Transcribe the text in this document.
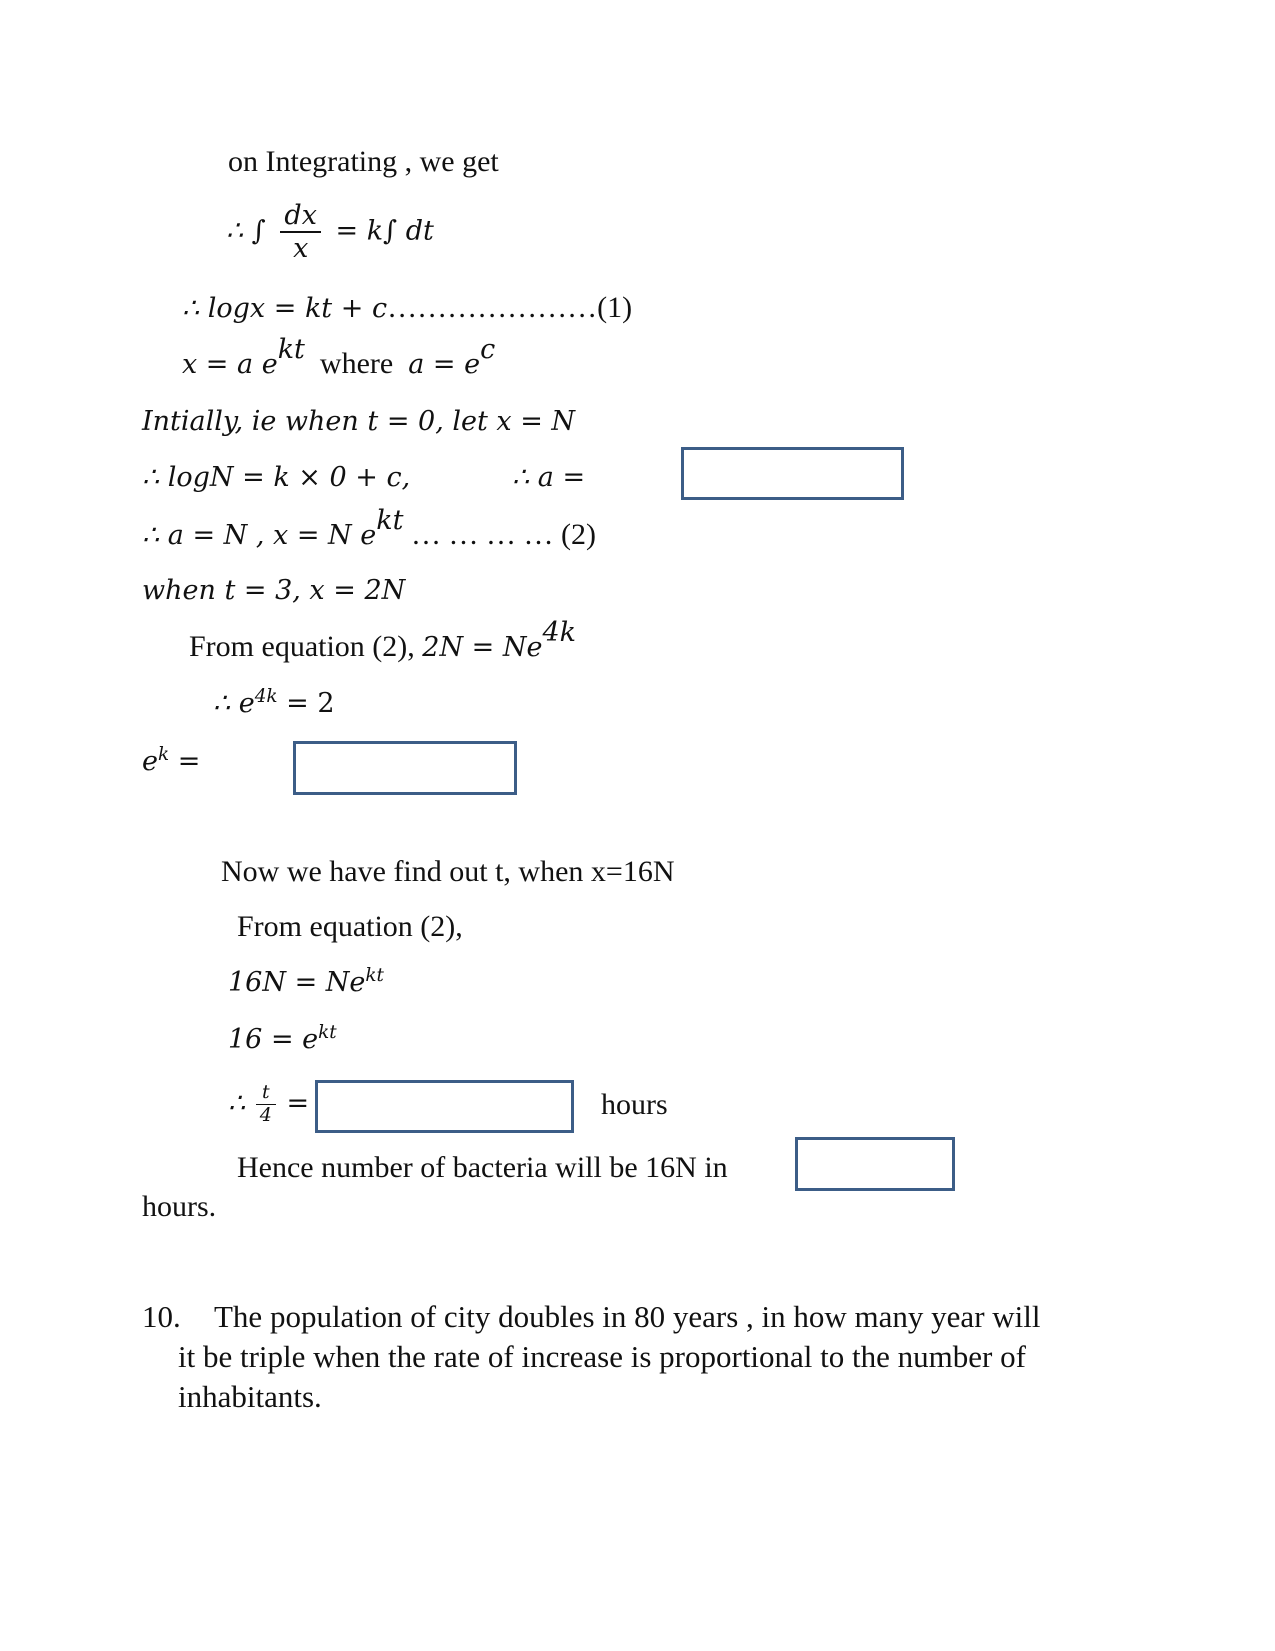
on Integrating , we get
∴ ∫ $\frac{dx}{x} = k\int$ dt
∴ logx = kt + c…………………(1)
x = a $e^{kt}$ where $a = e^c$
Intially, ie when t = 0, let x = N
∴ logN = k × 0 + c,	∴ a =
∴ a = N , x = N $e^{kt}$ … … … … (2)
when t = 3, x = 2N
From equation (2), $2N = Ne^{4k}$
∴ $e^{4k} = 2$
$e^k$ =
Now we have find out t, when x=16N
From equation (2),
$16N = Ne^{kt}$
$16 = e^{kt}$
∴ $\frac{t}{4}$ =	hours
Hence number of bacteria will be 16N in
hours.
10. The population of city doubles in 80 years , in how many year will
it be triple when the rate of increase is proportional to the number of
inhabitants.
